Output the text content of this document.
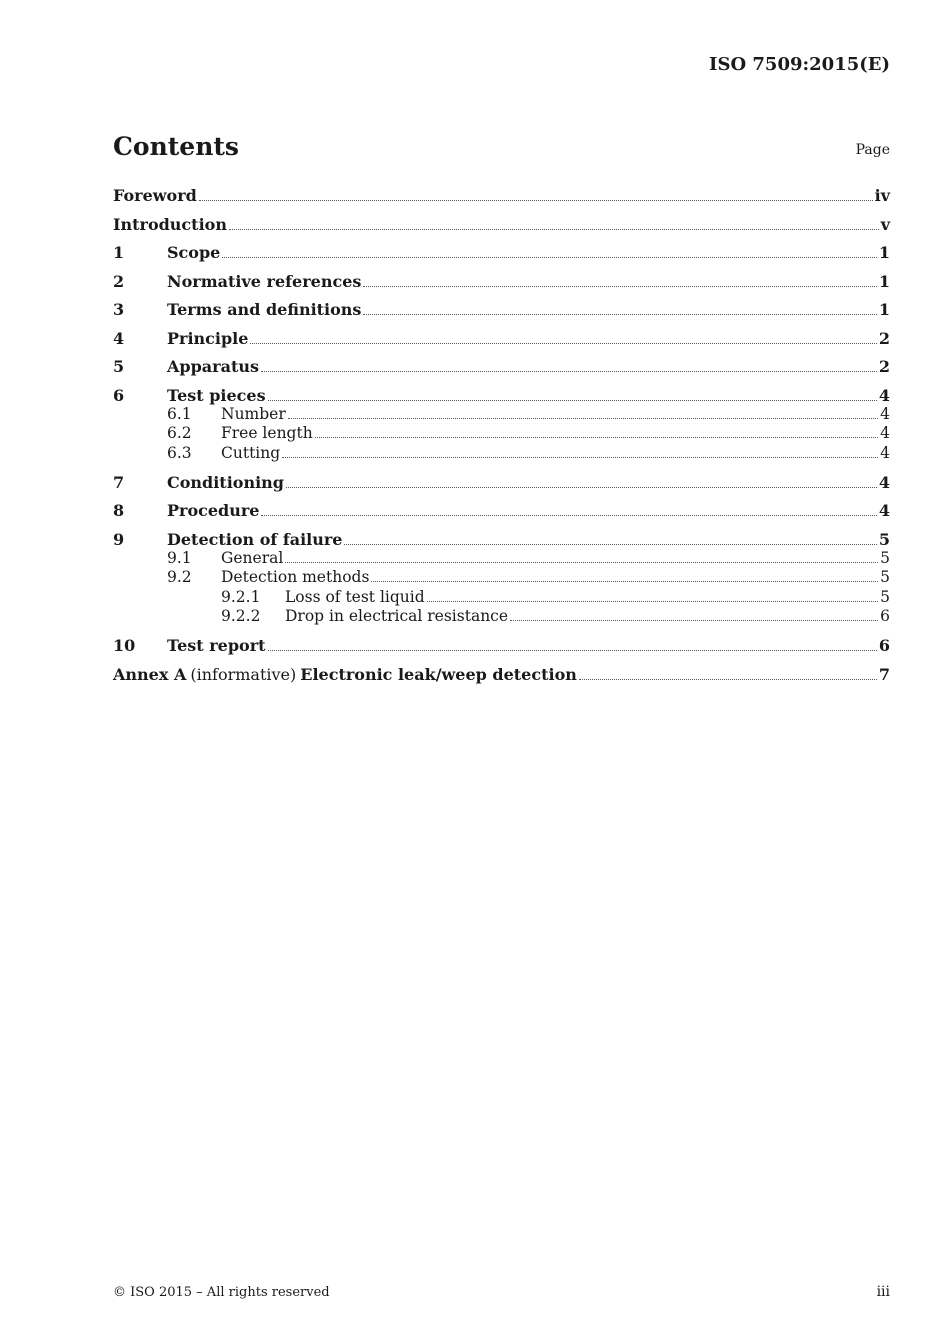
ISO 7509:2015(E)
Contents	Page
Foreword	iv
Introduction	v
1	Scope	1
2	Normative references	1
3	Terms and definitions	1
4	Principle	2
5	Apparatus	2
6	Test pieces	4
6.1	Number	4
6.2	Free length	4
6.3	Cutting	4
7	Conditioning	4
8	Procedure	4
9	Detection of failure	5
9.1	General	5
9.2	Detection methods	5
9.2.1	Loss of test liquid	5
9.2.2	Drop in electrical resistance	6
10	Test report	6
Annex A (informative) Electronic leak/weep detection	7
© ISO 2015 – All rights reserved	iii
